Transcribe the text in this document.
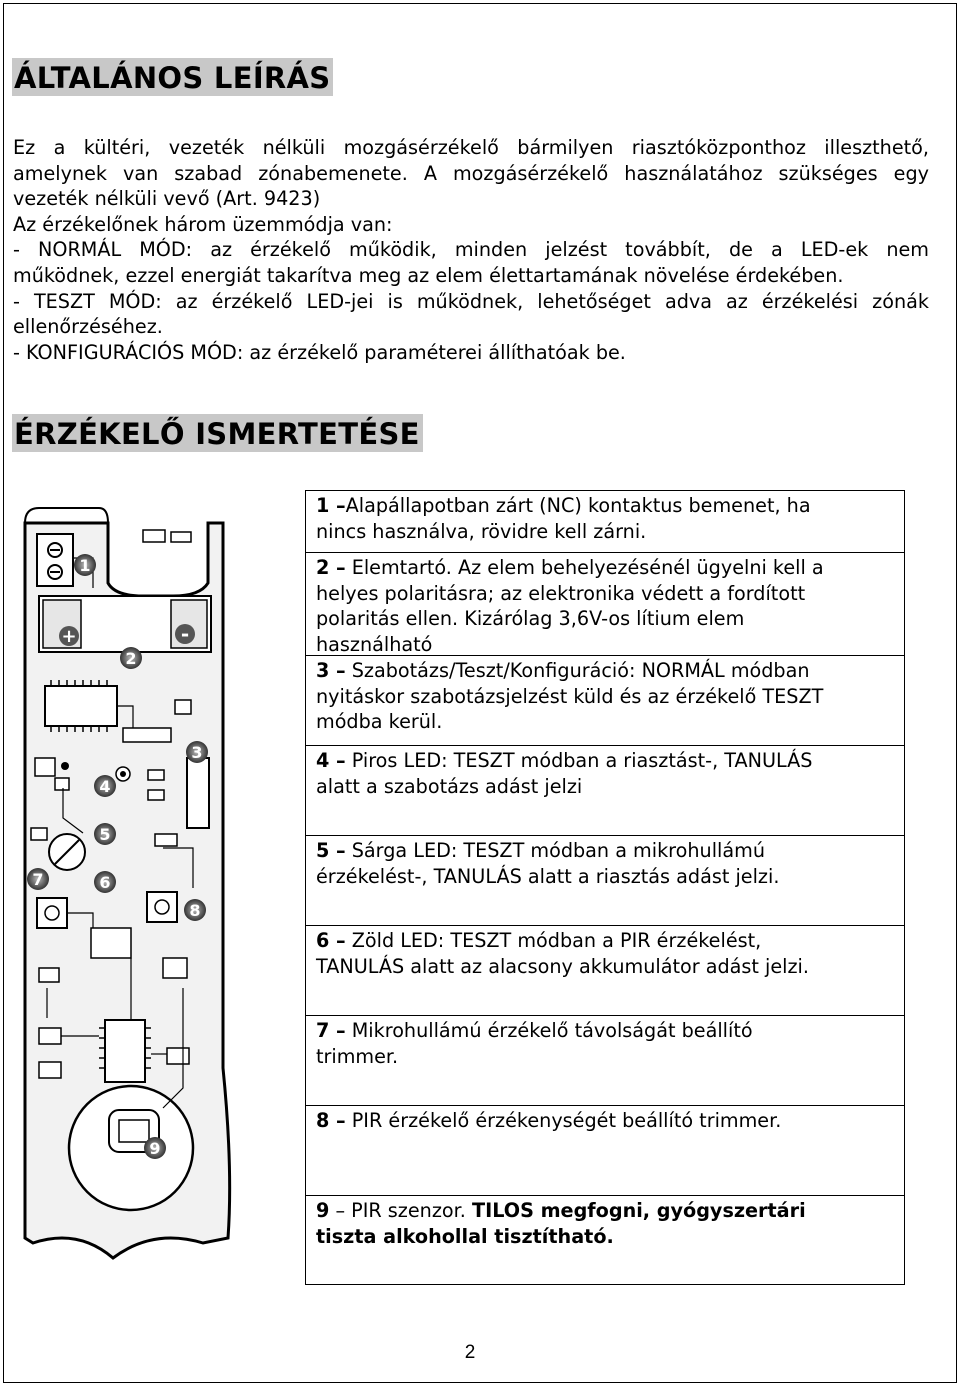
ÁLTALÁNOS LEÍRÁS

Ez a kültéri, vezeték nélküli mozgásérzékelő bármilyen riasztóközponthoz illeszthető,

amelynek van szabad zónabemenete. A mozgásérzékelő használatához szükséges egy

vezeték nélküli vevő (Art. 9423)

Az érzékelőnek három üzemmódja van:

- NORMÁL MÓD: az érzékelő működik, minden jelzést továbbít, de a LED-ek nem

működnek, ezzel energiát takarítva meg az elem élettartamának növelése érdekében.

- TESZT MÓD: az érzékelő LED-jei is működnek, lehetőséget adva az érzékelési zónák

ellenőrzéséhez.

- KONFIGURÁCIÓS MÓD: az érzékelő paraméterei állíthatóak be.

ÉRZÉKELŐ ISMERTETÉSE
+	-
1
2
3
4
5
6
7
8
9
1 –Alapállapotban zárt (NC) kontaktus bemenet, ha
nincs használva, rövidre kell zárni.
2 – Elemtartó. Az elem behelyezésénél ügyelni kell a
helyes polaritásra; az elektronika védett a fordított
polaritás ellen. Kizárólag 3,6V-os lítium elem
használható
3 – Szabotázs/Teszt/Konfiguráció: NORMÁL módban
nyitáskor szabotázsjelzést küld és az érzékelő TESZT
módba kerül.
4 – Piros LED: TESZT módban a riasztást-, TANULÁS
alatt a szabotázs adást jelzi
5 – Sárga LED: TESZT módban a mikrohullámú
érzékelést-, TANULÁS alatt a riasztás adást jelzi.
6 – Zöld LED: TESZT módban a PIR érzékelést,
TANULÁS alatt az alacsony akkumulátor adást jelzi.
7 – Mikrohullámú érzékelő távolságát beállító
trimmer.
8 – PIR érzékelő érzékenységét beállító trimmer.
9 – PIR szenzor. TILOS megfogni, gyógyszertári
tiszta alkohollal tisztítható.
2
